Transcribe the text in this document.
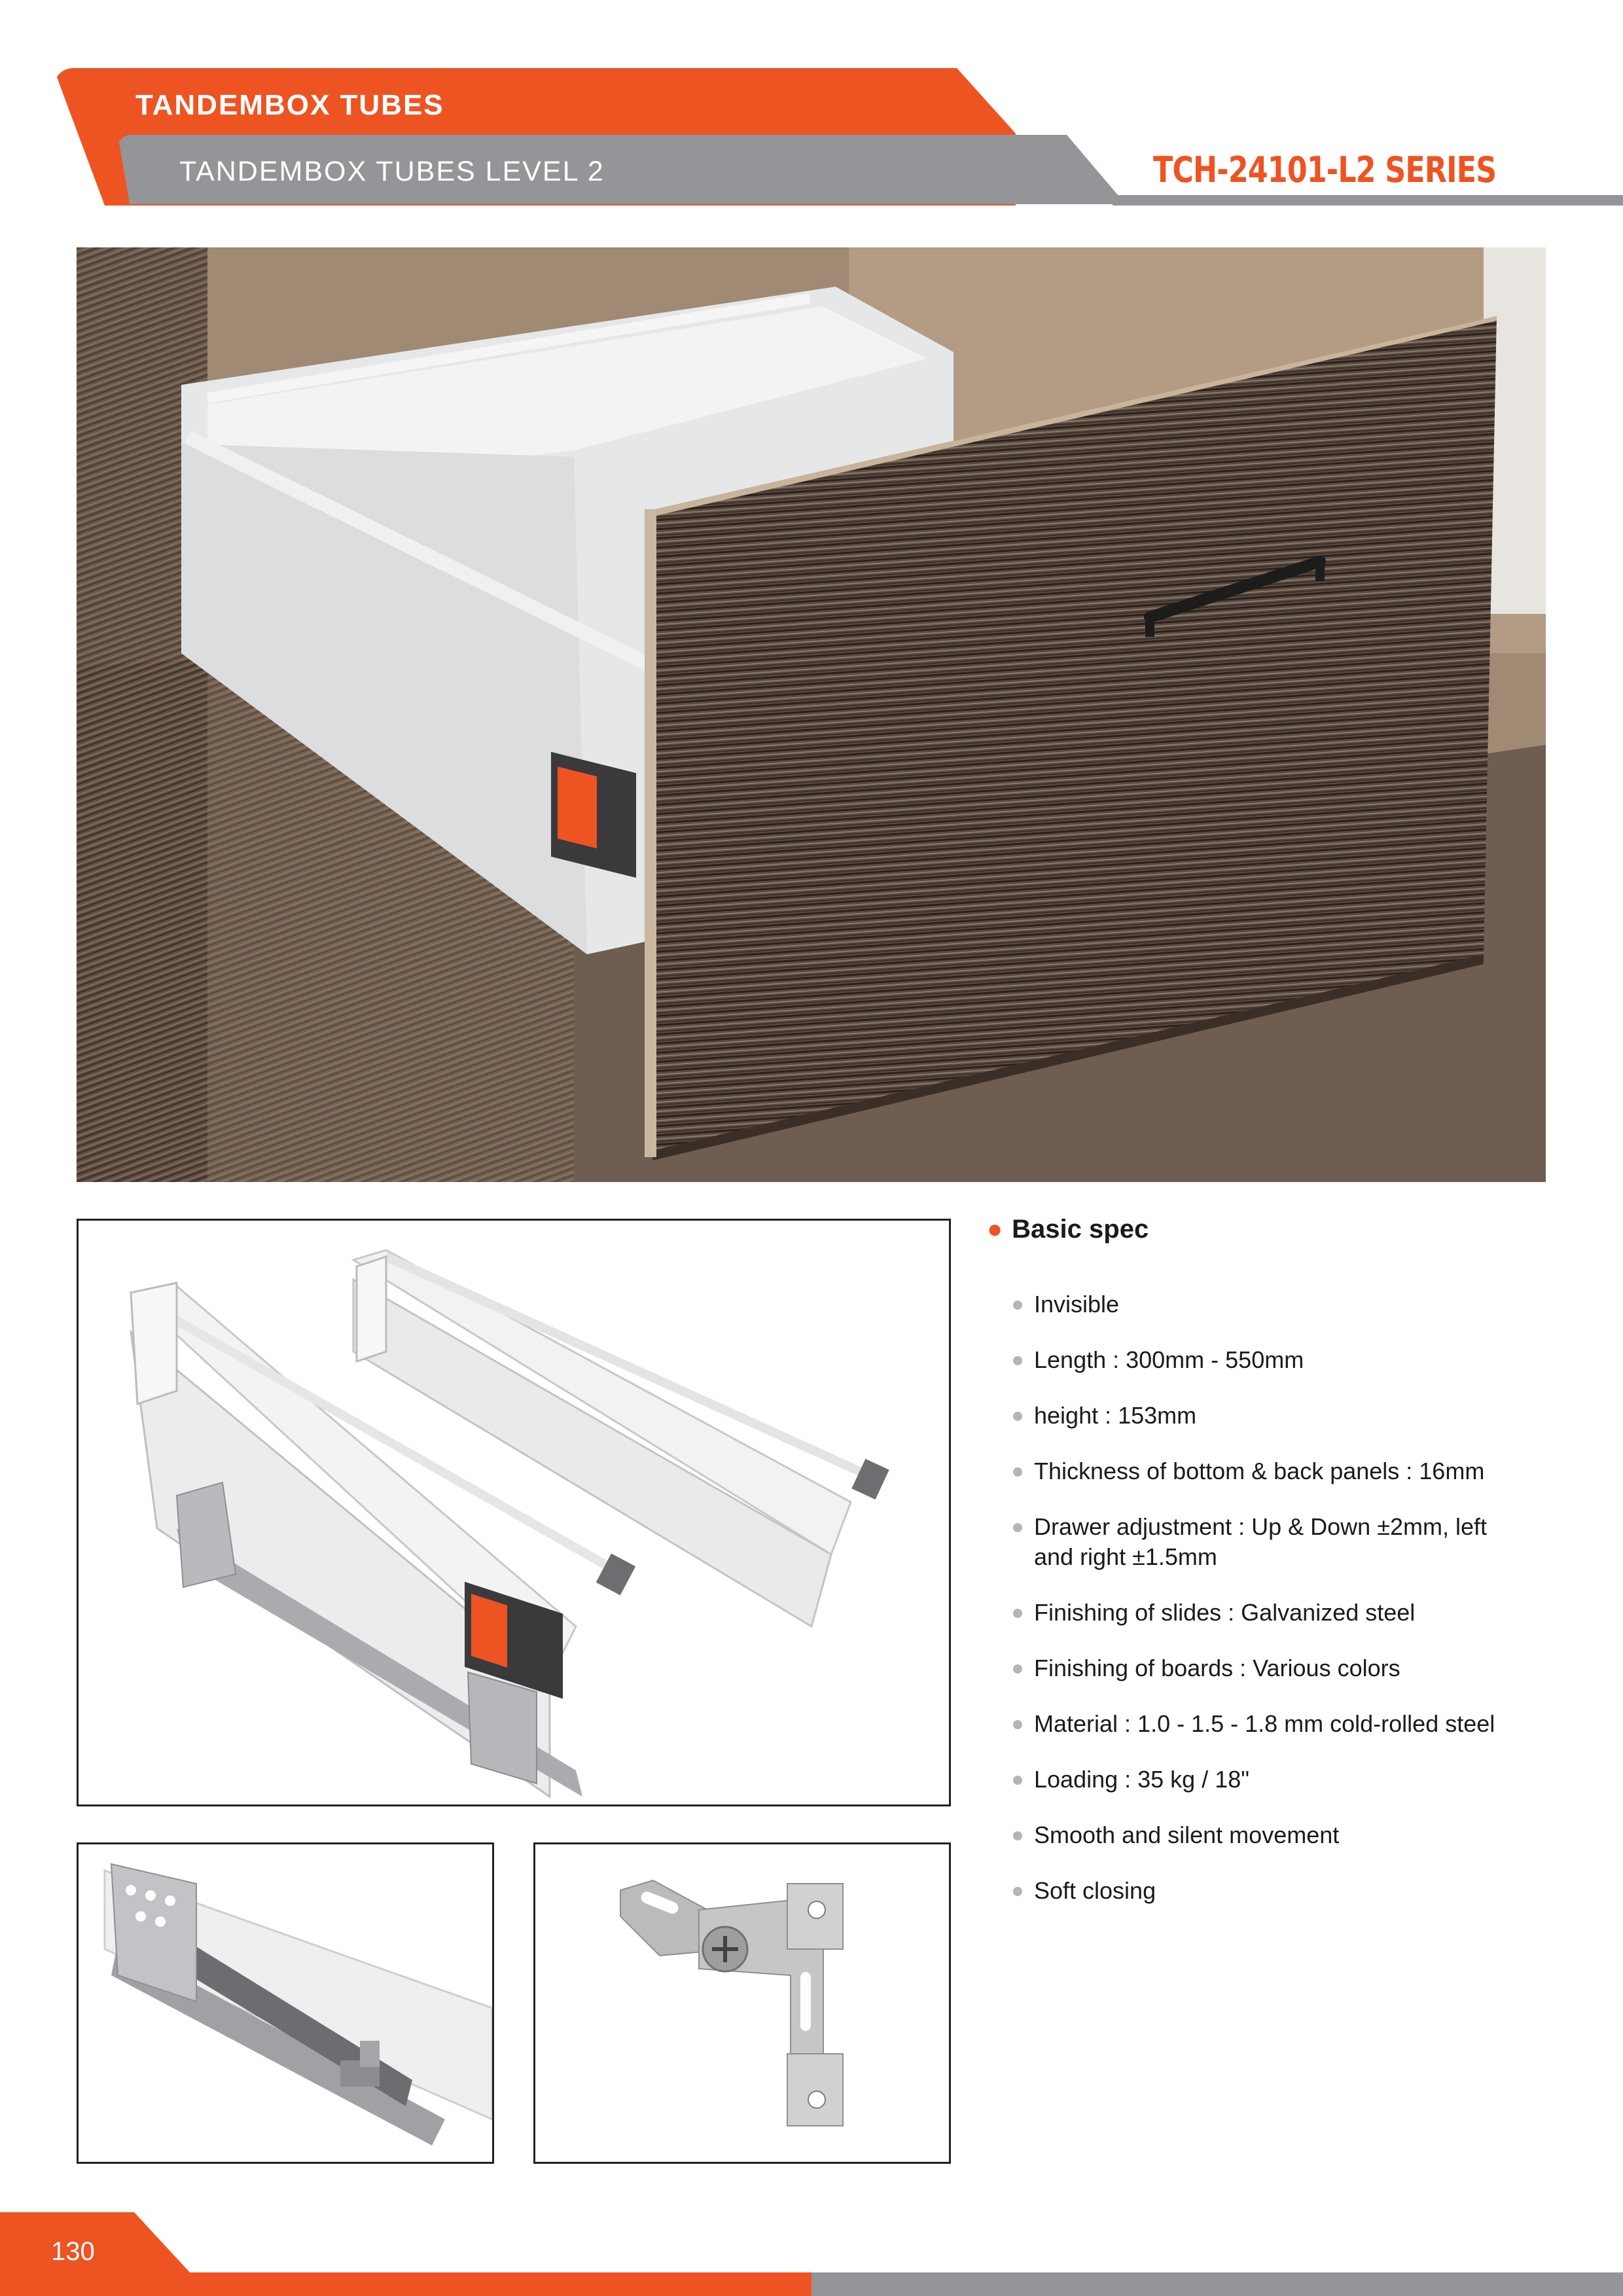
TANDEMBOX TUBES
TANDEMBOX TUBES LEVEL 2	TCH-24101-L2 SERIES
● Basic spec
Invisible
Length : 300mm - 550mm
height : 153mm
Thickness of bottom & back panels : 16mm
Drawer adjustment : Up & Down ±2mm, left and right ±1.5mm
Finishing of slides : Galvanized steel
Finishing of boards : Various colors
Material : 1.0 - 1.5 - 1.8 mm cold-rolled steel
Loading : 35 kg / 18"
Smooth and silent movement
Soft closing
130
